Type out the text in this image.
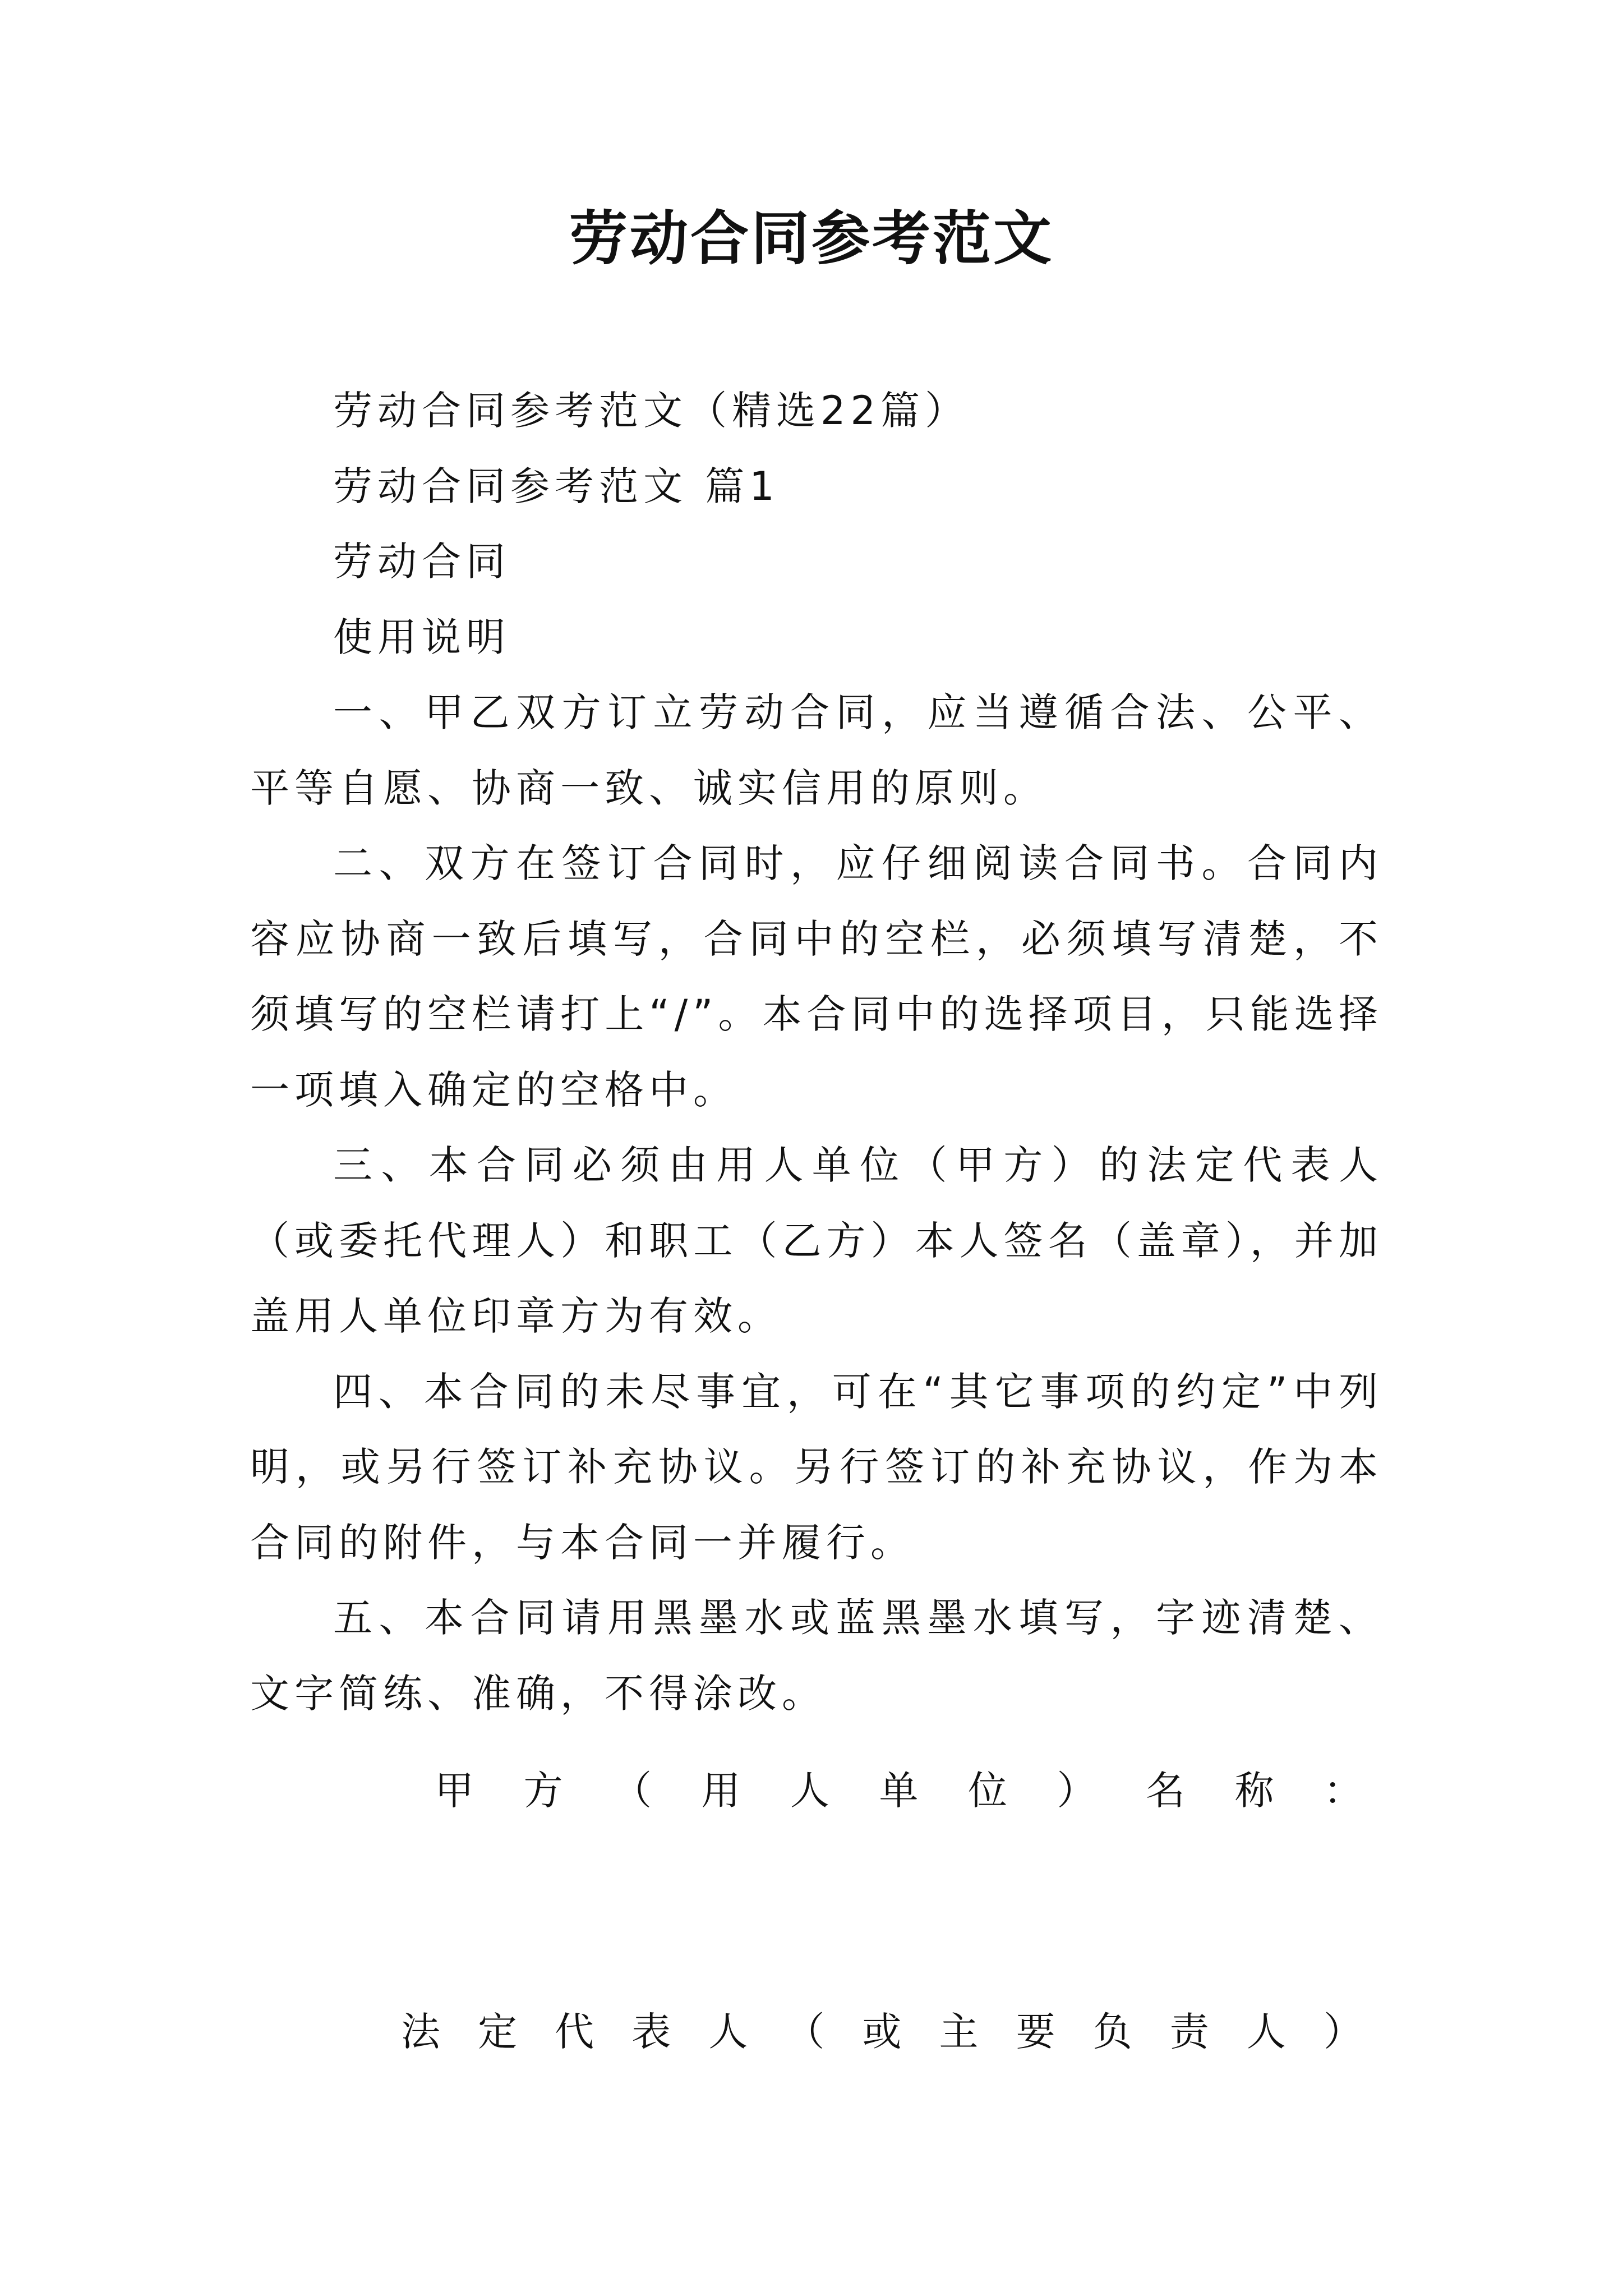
劳动合同参考范文

劳动合同参考范文（精选22篇）

劳动合同参考范文 篇1

劳动合同

使用说明

一、甲乙双方订立劳动合同，应当遵循合法、公平、平等自愿、协商一致、诚实信用的原则。

二、双方在签订合同时，应仔细阅读合同书。合同内容应协商一致后填写，合同中的空栏，必须填写清楚，不须填写的空栏请打上“/”。本合同中的选择项目，只能选择一项填入确定的空格中。

三、本合同必须由用人单位（甲方）的法定代表人（或委托代理人）和职工（乙方）本人签名（盖章），并加盖用人单位印章方为有效。

四、本合同的未尽事宜，可在“其它事项的约定”中列明，或另行签订补充协议。另行签订的补充协议，作为本合同的附件，与本合同一并履行。

五、本合同请用黑墨水或蓝黑墨水填写，字迹清楚、文字简练、准确，不得涂改。

甲 方 （ 用 人 单 位 ） 名 称 ：
法 定 代 表 人 （ 或 主 要 负 责 人 ）
